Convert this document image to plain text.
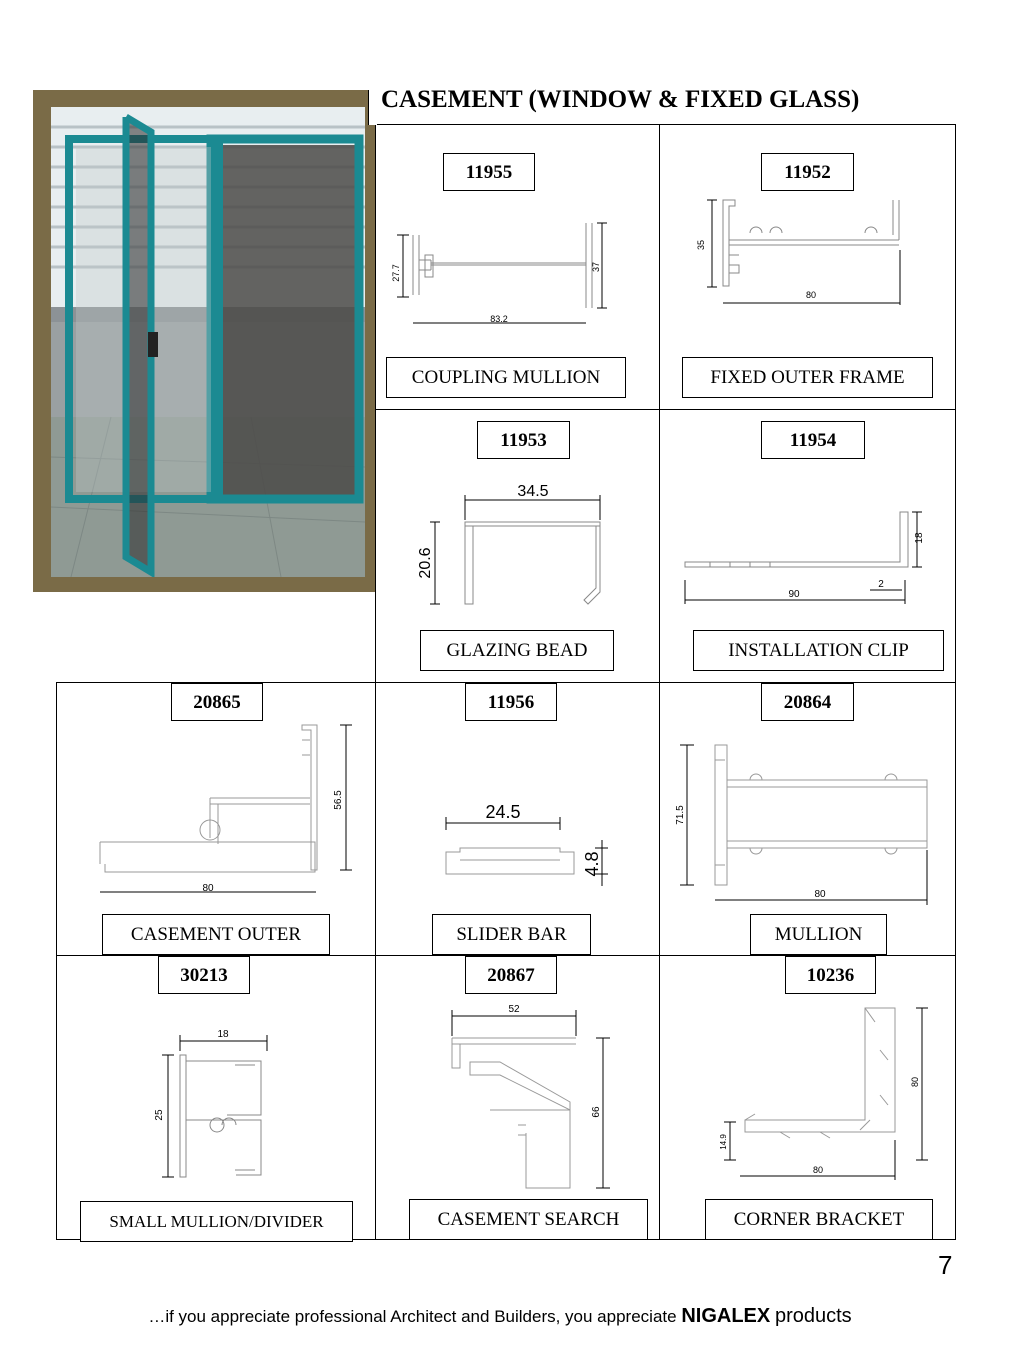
CASEMENT (WINDOW & FIXED GLASS)
11955
27.7	37
83.2
COUPLING MULLION
11952
35
80
FIXED OUTER FRAME
11953
34.5
20.6
GLAZING BEAD
11954
18
2
90
INSTALLATION CLIP
20865
56.5
80
CASEMENT OUTER
11956
24.5
4.8
SLIDER BAR
20864
71.5
80
MULLION
30213
18
25
SMALL MULLION/DIVIDER
20867
52
66
CASEMENT SEARCH
10236
80
14.9
80
CORNER BRACKET
7
…if you appreciate professional Architect and Builders, you appreciate NIGALEX products
